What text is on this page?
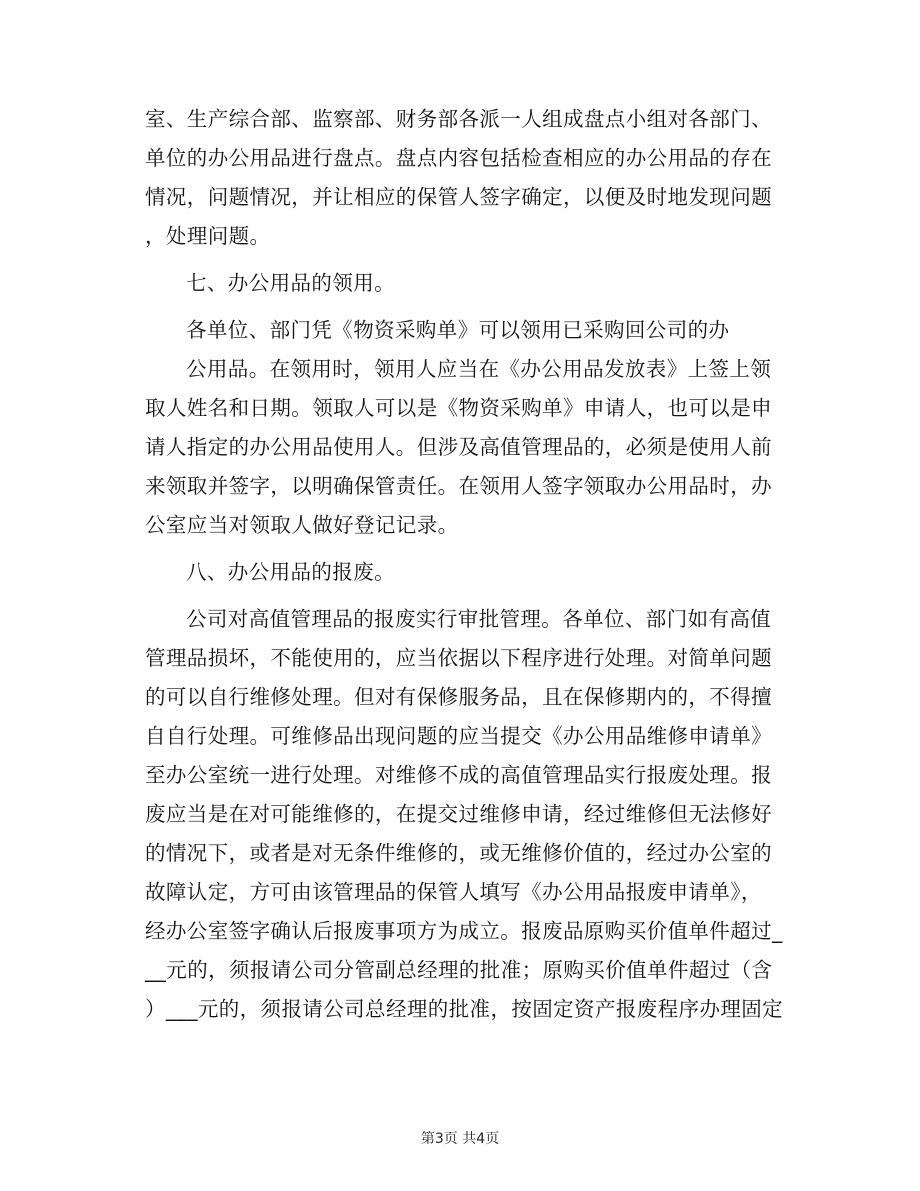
室、生产综合部、监察部、财务部各派一人组成盘点小组对各部门、
单位的办公用品进行盘点。盘点内容包括检查相应的办公用品的存在
情况，问题情况，并让相应的保管人签字确定，以便及时地发现问题
，处理问题。
七、办公用品的领用。
各单位、部门凭《物资采购单》可以领用已采购回公司的办
公用品。在领用时，领用人应当在《办公用品发放表》上签上领
取人姓名和日期。领取人可以是《物资采购单》申请人，也可以是申
请人指定的办公用品使用人。但涉及高值管理品的，必须是使用人前
来领取并签字，以明确保管责任。在领用人签字领取办公用品时，办
公室应当对领取人做好登记记录。
八、办公用品的报废。
公司对高值管理品的报废实行审批管理。各单位、部门如有高值
管理品损坏，不能使用的，应当依据以下程序进行处理。对简单问题
的可以自行维修处理。但对有保修服务品，且在保修期内的，不得擅
自自行处理。可维修品出现问题的应当提交《办公用品维修申请单》
至办公室统一进行处理。对维修不成的高值管理品实行报废处理。报
废应当是在对可能维修的，在提交过维修申请，经过维修但无法修好
的情况下，或者是对无条件维修的，或无维修价值的，经过办公室的
故障认定，方可由该管理品的保管人填写《办公用品报废申请单》，
经办公室签字确认后报废事项方为成立。报废品原购买价值单件超过_
__元的，须报请公司分管副总经理的批准；原购买价值单件超过（含
）___元的，须报请公司总经理的批准，按固定资产报废程序办理固定
第3页 共4页
